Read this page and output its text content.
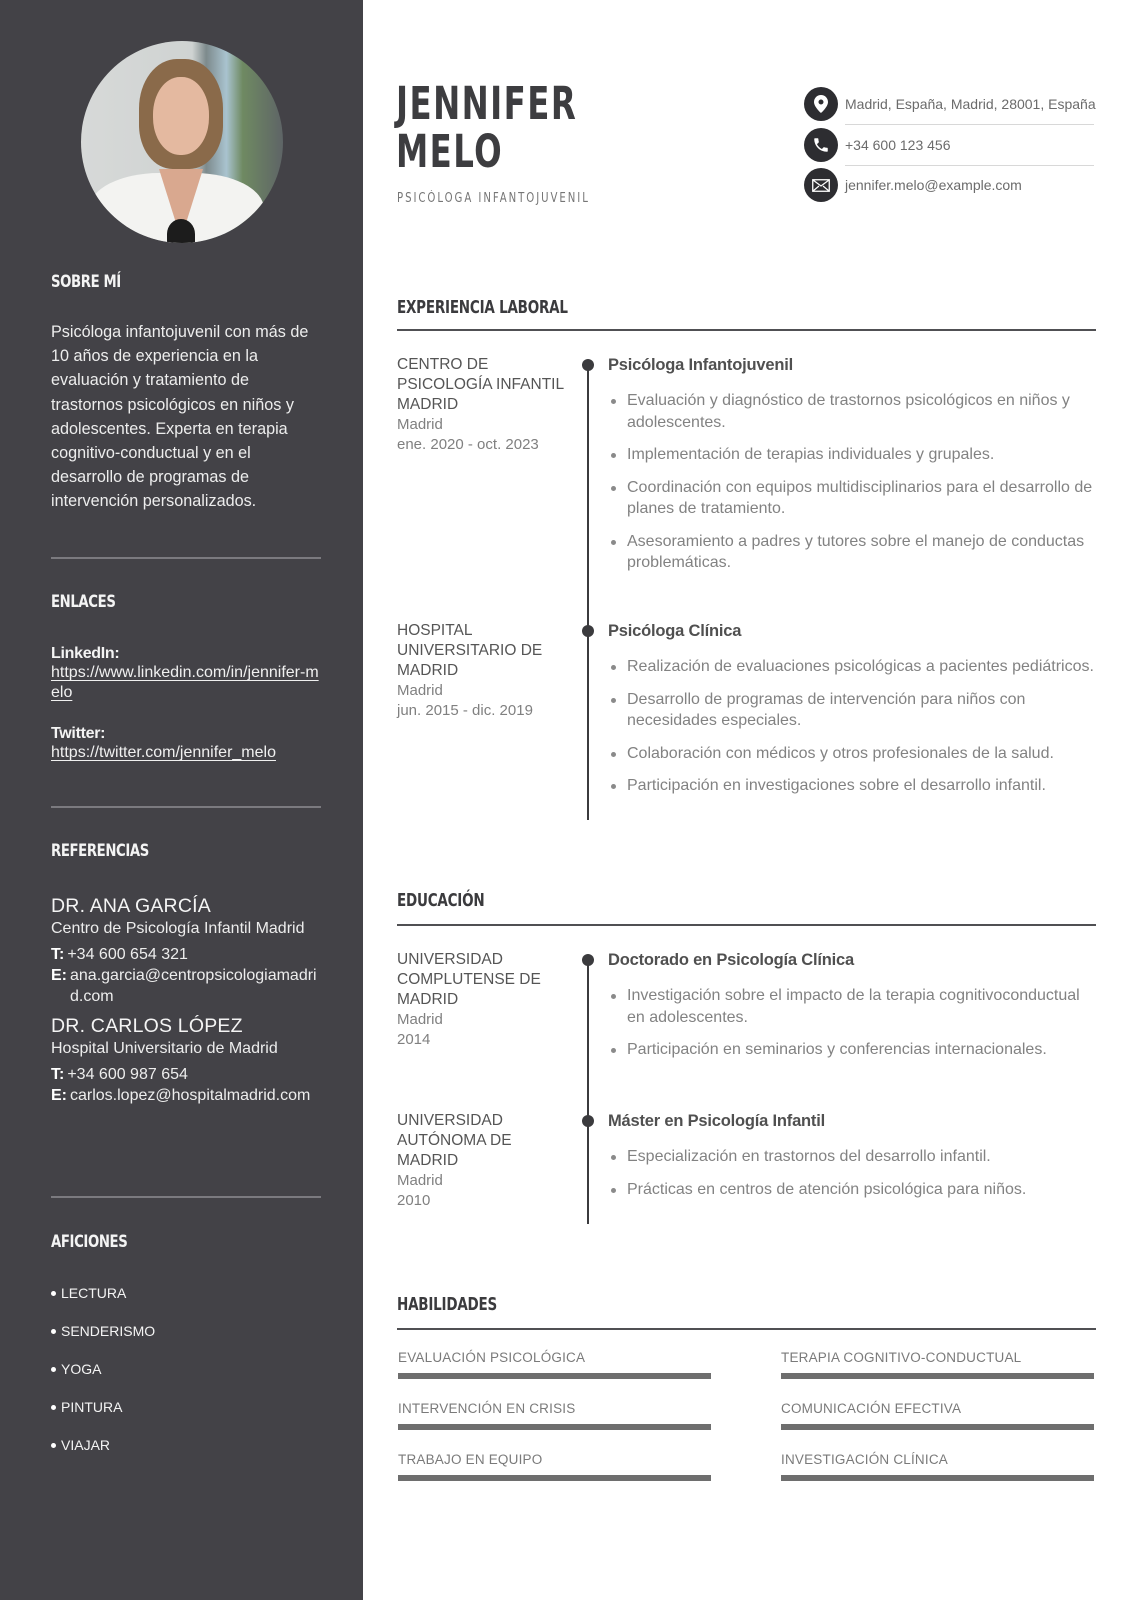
SOBRE MÍ

Psicóloga infantojuvenil con más de 10 años de experiencia en la evaluación y tratamiento de trastornos psicológicos en niños y adolescentes. Experta en terapia cognitivo-conductual y en el desarrollo de programas de intervención personalizados.

ENLACES
LinkedIn:
https://www.linkedin.com/in/jennifer-melo
Twitter:
https://twitter.com/jennifer_melo
REFERENCIAS
DR. ANA GARCÍA
Centro de Psicología Infantil Madrid
T: +34 600 654 321
E: ana.garcia@centropsicologiamadrid.com
DR. CARLOS LÓPEZ
Hospital Universitario de Madrid
T: +34 600 987 654
E: carlos.lopez@hospitalmadrid.com
AFICIONES
LECTURA
SENDERISMO
YOGA
PINTURA
VIAJAR
JENNIFER
MELO
PSICÓLOGA INFANTOJUVENIL
Madrid, España, Madrid, 28001, España
+34 600 123 456
jennifer.melo@example.com
EXPERIENCIA LABORAL
CENTRO DE PSICOLOGÍA INFANTIL MADRID
Madrid
ene. 2020 - oct. 2023
Psicóloga Infantojuvenil
Evaluación y diagnóstico de trastornos psicológicos en niños y adolescentes.
Implementación de terapias individuales y grupales.
Coordinación con equipos multidisciplinarios para el desarrollo de planes de tratamiento.
Asesoramiento a padres y tutores sobre el manejo de conductas problemáticas.
HOSPITAL UNIVERSITARIO DE MADRID
Madrid
jun. 2015 - dic. 2019
Psicóloga Clínica
Realización de evaluaciones psicológicas a pacientes pediátricos.
Desarrollo de programas de intervención para niños con necesidades especiales.
Colaboración con médicos y otros profesionales de la salud.
Participación en investigaciones sobre el desarrollo infantil.
EDUCACIÓN
UNIVERSIDAD COMPLUTENSE DE MADRID
Madrid
2014
Doctorado en Psicología Clínica
Investigación sobre el impacto de la terapia cognitivoconductual en adolescentes.
Participación en seminarios y conferencias internacionales.
UNIVERSIDAD AUTÓNOMA DE MADRID
Madrid
2010
Máster en Psicología Infantil
Especialización en trastornos del desarrollo infantil.
Prácticas en centros de atención psicológica para niños.
HABILIDADES
EVALUACIÓN PSICOLÓGICA	TERAPIA COGNITIVO-CONDUCTUAL
INTERVENCIÓN EN CRISIS	COMUNICACIÓN EFECTIVA
TRABAJO EN EQUIPO	INVESTIGACIÓN CLÍNICA
